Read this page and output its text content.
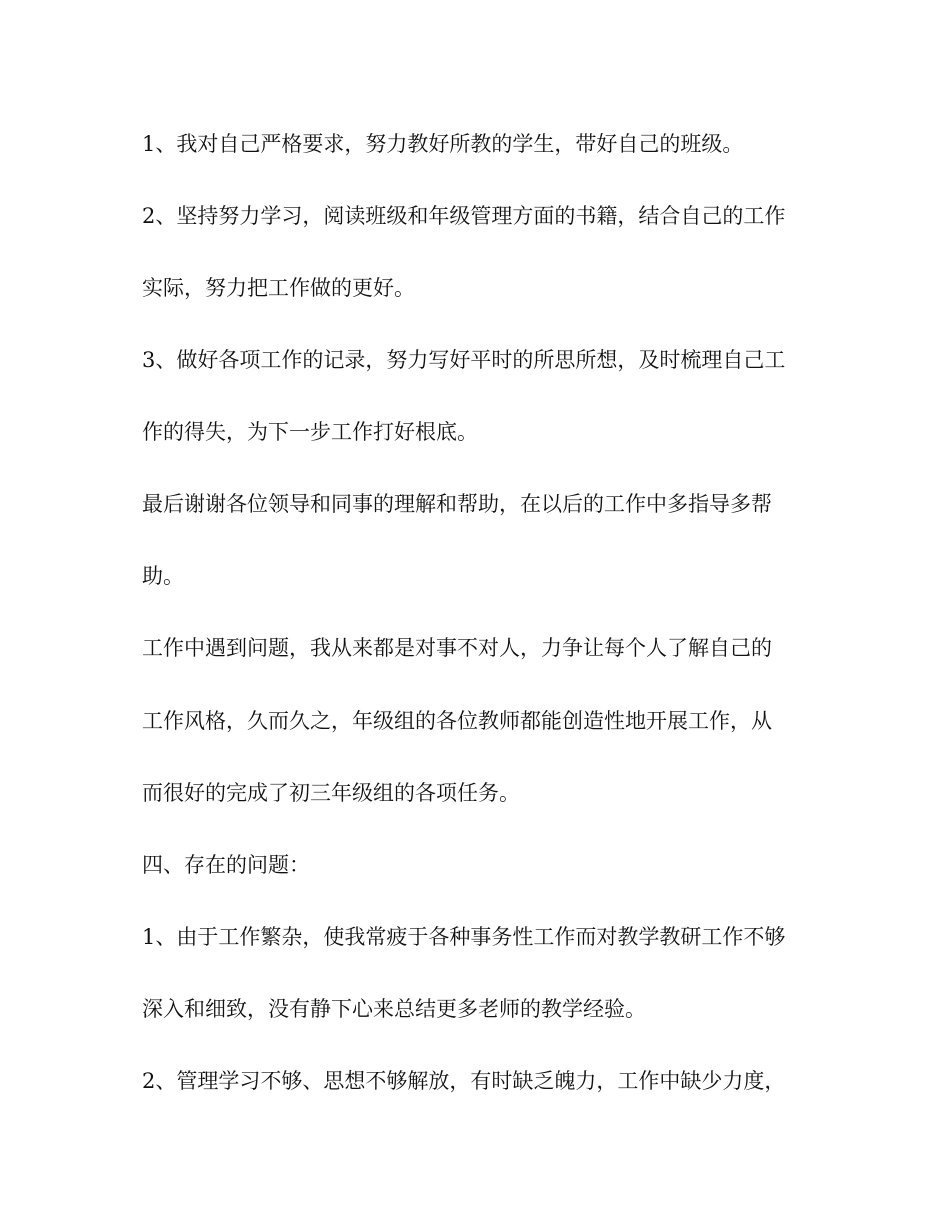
1、我对自己严格要求，努力教好所教的学生，带好自己的班级。
2、坚持努力学习，阅读班级和年级管理方面的书籍，结合自己的工作
实际，努力把工作做的更好。
3、做好各项工作的记录，努力写好平时的所思所想，及时梳理自己工
作的得失，为下一步工作打好根底。
最后谢谢各位领导和同事的理解和帮助，在以后的工作中多指导多帮
助。
工作中遇到问题，我从来都是对事不对人，力争让每个人了解自己的
工作风格，久而久之，年级组的各位教师都能创造性地开展工作，从
而很好的完成了初三年级组的各项任务。
四、存在的问题：
1、由于工作繁杂，使我常疲于各种事务性工作而对教学教研工作不够
深入和细致，没有静下心来总结更多老师的教学经验。
2、管理学习不够、思想不够解放，有时缺乏魄力，工作中缺少力度，
